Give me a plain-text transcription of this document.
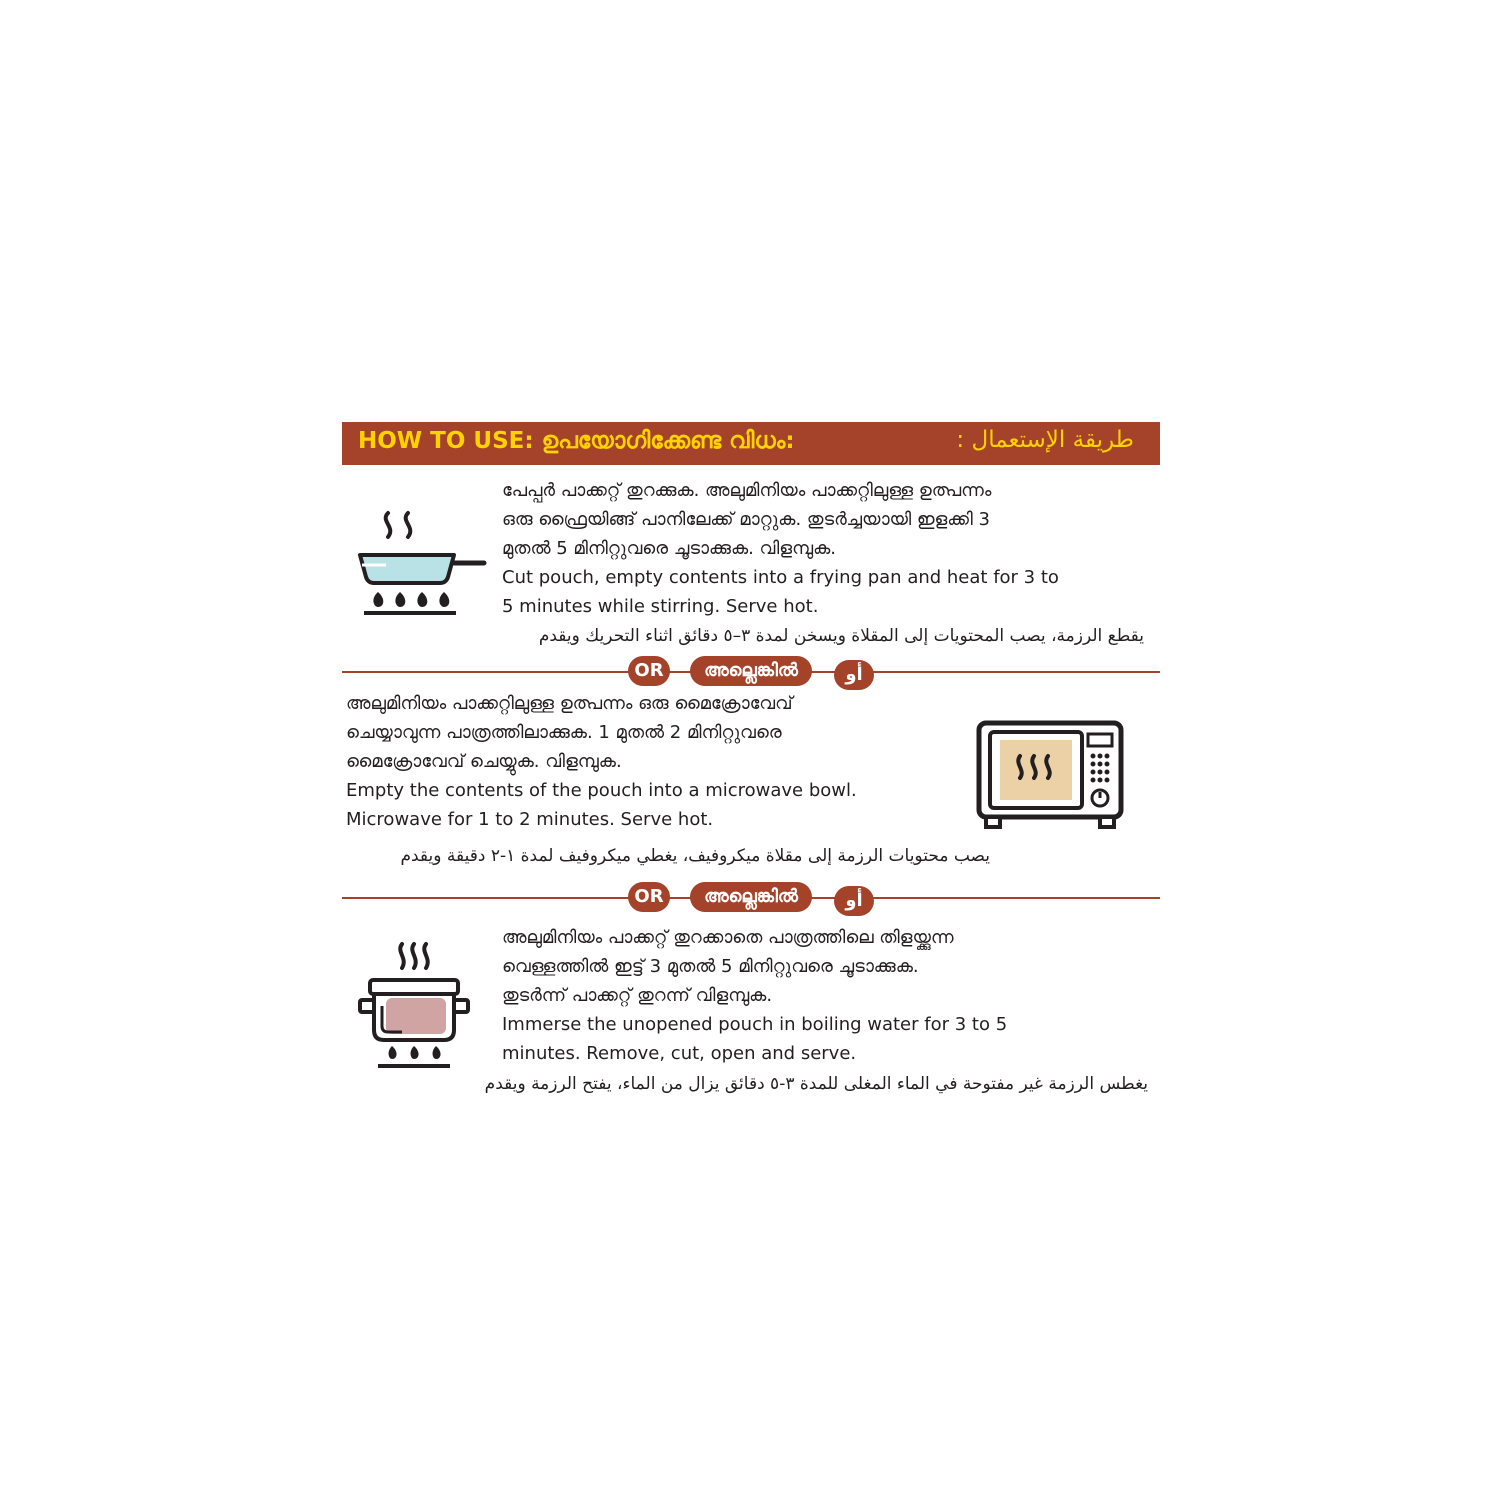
HOW TO USE: ഉപയോഗിക്കേണ്ട വിധം:	طريقة الإستعمال :
പേപ്പർ പാക്കറ്റ് തുറക്കുക. അലുമിനിയം പാക്കറ്റിലുള്ള ഉത്പന്നം
ഒരു ഫ്രൈയിങ്ങ് പാനിലേക്ക് മാറ്റുക. തുടർച്ചയായി ഇളക്കി 3
മുതൽ 5 മിനിറ്റുവരെ ചൂടാക്കുക. വിളമ്പുക.
Cut pouch, empty contents into a frying pan and heat for 3 to
5 minutes while stirring. Serve hot.
يقطع الرزمة، يصب المحتويات إلى المقلاة ويسخن لمدة ٣–٥ دقائق اثناء التحريك ويقدم
OR	അല്ലെങ്കിൽ	أو
അലുമിനിയം പാക്കറ്റിലുള്ള ഉത്പന്നം ഒരു മൈക്രോവേവ്
ചെയ്യാവുന്ന പാത്രത്തിലാക്കുക. 1 മുതൽ 2 മിനിറ്റുവരെ
മൈക്രോവേവ് ചെയ്യുക. വിളമ്പുക.
Empty the contents of the pouch into a microwave bowl.
Microwave for 1 to 2 minutes. Serve hot.
يصب محتويات الرزمة إلى مقلاة ميكروفيف، يغطي ميكروفيف لمدة ١-٢ دقيقة ويقدم
OR	അല്ലെങ്കിൽ	أو
അലുമിനിയം പാക്കറ്റ് തുറക്കാതെ പാത്രത്തിലെ തിളയ്ക്കുന്ന
വെള്ളത്തിൽ ഇട്ട് 3 മുതൽ 5 മിനിറ്റുവരെ ചൂടാക്കുക.
തുടർന്ന് പാക്കറ്റ് തുറന്ന് വിളമ്പുക.
Immerse the unopened pouch in boiling water for 3 to 5
minutes. Remove, cut, open and serve.
يغطس الرزمة غير مفتوحة في الماء المغلى للمدة ٣-٥ دقائق يزال من الماء، يفتح الرزمة ويقدم
